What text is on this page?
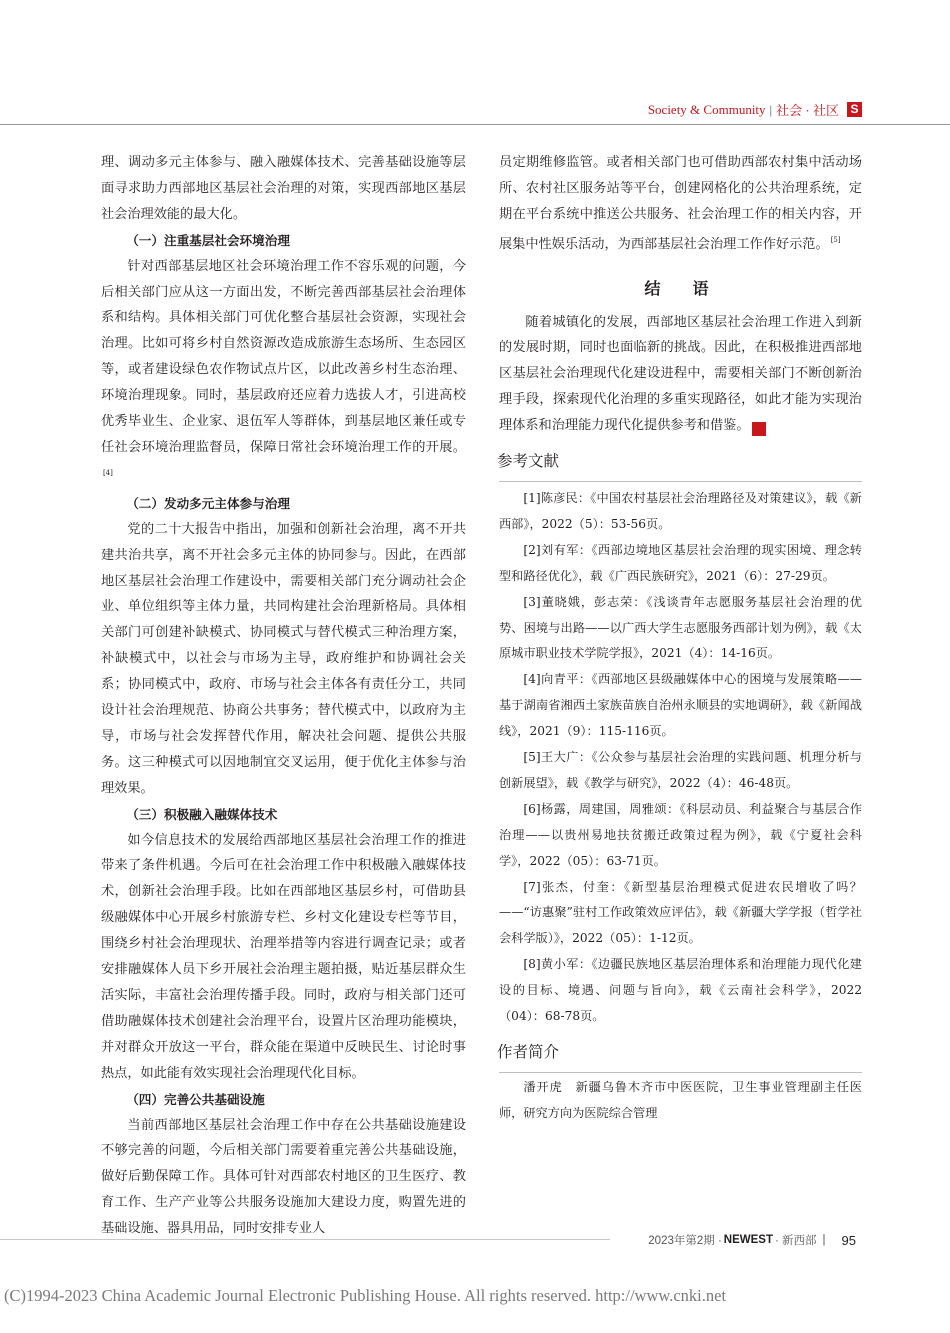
Society & Community | 社会 · 社区 S

理、调动多元主体参与、融入融媒体技术、完善基础设施等层面寻求助力西部地区基层社会治理的对策，实现西部地区基层社会治理效能的最大化。

（一）注重基层社会环境治理

针对西部基层地区社会环境治理工作不容乐观的问题，今后相关部门应从这一方面出发，不断完善西部基层社会治理体系和结构。具体相关部门可优化整合基层社会资源，实现社会治理。比如可将乡村自然资源改造成旅游生态场所、生态园区等，或者建设绿色农作物试点片区，以此改善乡村生态治理、环境治理现象。同时，基层政府还应着力选拔人才，引进高校优秀毕业生、企业家、退伍军人等群体，到基层地区兼任或专任社会环境治理监督员，保障日常社会环境治理工作的开展。[4]

（二）发动多元主体参与治理

党的二十大报告中指出，加强和创新社会治理，离不开共建共治共享，离不开社会多元主体的协同参与。因此，在西部地区基层社会治理工作建设中，需要相关部门充分调动社会企业、单位组织等主体力量，共同构建社会治理新格局。具体相关部门可创建补缺模式、协同模式与替代模式三种治理方案，补缺模式中，以社会与市场为主导，政府维护和协调社会关系；协同模式中，政府、市场与社会主体各有责任分工，共同设计社会治理规范、协商公共事务；替代模式中，以政府为主导，市场与社会发挥替代作用，解决社会问题、提供公共服务。这三种模式可以因地制宜交叉运用，便于优化主体参与治理效果。

（三）积极融入融媒体技术

如今信息技术的发展给西部地区基层社会治理工作的推进带来了条件机遇。今后可在社会治理工作中积极融入融媒体技术，创新社会治理手段。比如在西部地区基层乡村，可借助县级融媒体中心开展乡村旅游专栏、乡村文化建设专栏等节目，围绕乡村社会治理现状、治理举措等内容进行调查记录；或者安排融媒体人员下乡开展社会治理主题拍摄，贴近基层群众生活实际，丰富社会治理传播手段。同时，政府与相关部门还可借助融媒体技术创建社会治理平台，设置片区治理功能模块，并对群众开放这一平台，群众能在渠道中反映民生、讨论时事热点，如此能有效实现社会治理现代化目标。

（四）完善公共基础设施

当前西部地区基层社会治理工作中存在公共基础设施建设不够完善的问题，今后相关部门需要着重完善公共基础设施，做好后勤保障工作。具体可针对西部农村地区的卫生医疗、教育工作、生产产业等公共服务设施加大建设力度，购置先进的基础设施、器具用品，同时安排专业人

员定期维修监管。或者相关部门也可借助西部农村集中活动场所、农村社区服务站等平台，创建网格化的公共治理系统，定期在平台系统中推送公共服务、社会治理工作的相关内容，开展集中性娱乐活动，为西部基层社会治理工作作好示范。 [5]

结　语

随着城镇化的发展，西部地区基层社会治理工作进入到新的发展时期，同时也面临新的挑战。因此，在积极推进西部地区基层社会治理现代化建设进程中，需要相关部门不断创新治理手段，探索现代化治理的多重实现路径，如此才能为实现治理体系和治理能力现代化提供参考和借鉴。	◆

参考文献

[1]陈彦民：《中国农村基层社会治理路径及对策建议》，载《新西部》，2022（5）：53-56页。

[2]刘有军：《西部边境地区基层社会治理的现实困境、理念转型和路径优化》，载《广西民族研究》，2021（6）：27-29页。

[3]董晓娥，彭志荣：《浅谈青年志愿服务基层社会治理的优势、困境与出路——以广西大学生志愿服务西部计划为例》，载《太原城市职业技术学院学报》，2021（4）：14-16页。

[4]向青平：《西部地区县级融媒体中心的困境与发展策略——基于湖南省湘西土家族苗族自治州永顺县的实地调研》，载《新闻战线》，2021（9）：115-116页。

[5]王大广：《公众参与基层社会治理的实践问题、机理分析与创新展望》，载《教学与研究》，2022（4）：46-48页。

[6]杨露，周建国，周雅颂：《科层动员、利益聚合与基层合作治理——以贵州易地扶贫搬迁政策过程为例》，载《宁夏社会科学》，2022（05）：63-71页。

[7]张杰，付奎：《新型基层治理模式促进农民增收了吗？——“访惠聚”驻村工作政策效应评估》，载《新疆大学学报（哲学社会科学版）》，2022（05）：1-12页。

[8]黄小军：《边疆民族地区基层治理体系和治理能力现代化建设的目标、境遇、问题与旨向》，载《云南社会科学》，2022（04）：68-78页。

作者简介

潘开虎　新疆乌鲁木齐市中医医院，卫生事业管理副主任医师，研究方向为医院综合管理

2023年第2期 · NEWEST · 新西部 | 95
(C)1994-2023 China Academic Journal Electronic Publishing House. All rights reserved. http://www.cnki.net
